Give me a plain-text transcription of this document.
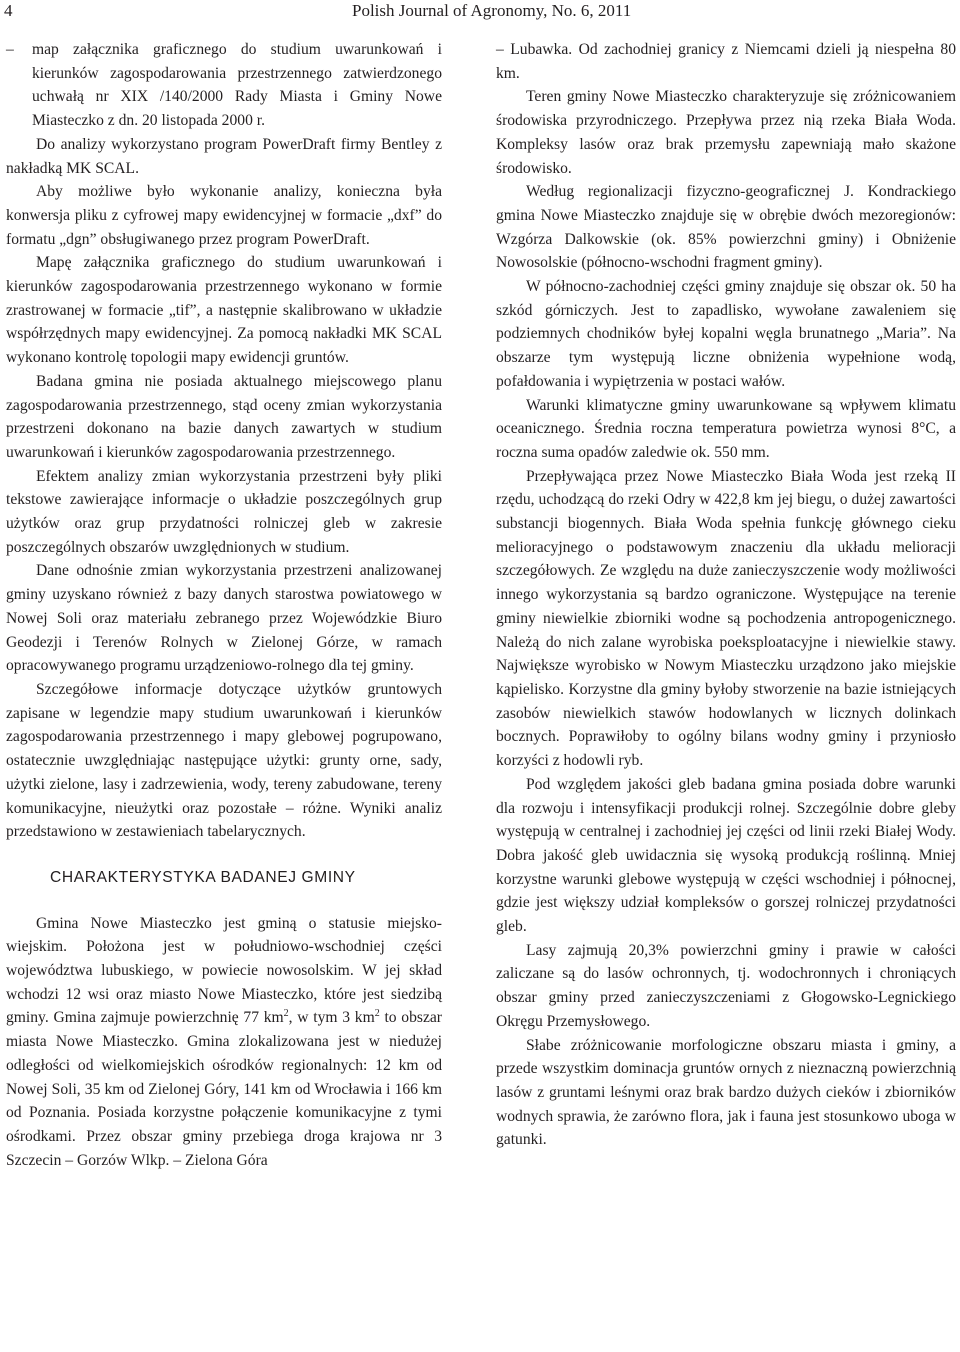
4	Polish Journal of Agronomy, No. 6, 2011

– map załącznika graficznego do studium uwarunkowań i kierunków zagospodarowania przestrzennego zatwierdzonego uchwałą nr XIX /140/2000 Rady Miasta i Gminy Nowe Miasteczko z dn. 20 listopada 2000 r.

Do analizy wykorzystano program PowerDraft firmy Bentley z nakładką MK SCAL.

Aby możliwe było wykonanie analizy, konieczna była konwersja pliku z cyfrowej mapy ewidencyjnej w formacie „dxf” do formatu „dgn” obsługiwanego przez program PowerDraft.

Mapę załącznika graficznego do studium uwarunkowań i kierunków zagospodarowania przestrzennego wykonano w formie zrastrowanej w formacie „tif”, a następnie skalibrowano w układzie współrzędnych mapy ewidencyjnej. Za pomocą nakładki MK SCAL wykonano kontrolę topologii mapy ewidencji gruntów.

Badana gmina nie posiada aktualnego miejscowego planu zagospodarowania przestrzennego, stąd oceny zmian wykorzystania przestrzeni dokonano na bazie danych zawartych w studium uwarunkowań i kierunków zagospodarowania przestrzennego.

Efektem analizy zmian wykorzystania przestrzeni były pliki tekstowe zawierające informacje o układzie poszczególnych grup użytków oraz grup przydatności rolniczej gleb w zakresie poszczególnych obszarów uwzględnionych w studium.

Dane odnośnie zmian wykorzystania przestrzeni analizowanej gminy uzyskano również z bazy danych starostwa powiatowego w Nowej Soli oraz materiału zebranego przez Wojewódzkie Biuro Geodezji i Terenów Rolnych w Zielonej Górze, w ramach opracowywanego programu urządzeniowo-rolnego dla tej gminy.

Szczegółowe informacje dotyczące użytków gruntowych zapisane w legendzie mapy studium uwarunkowań i kierunków zagospodarowania przestrzennego i mapy glebowej pogrupowano, ostatecznie uwzględniając następujące użytki: grunty orne, sady, użytki zielone, lasy i zadrzewienia, wody, tereny zabudowane, tereny komunikacyjne, nieużytki oraz pozostałe – różne. Wyniki analiz przedstawiono w zestawieniach tabelarycznych.

CHARAKTERYSTYKA BADANEJ GMINY

Gmina Nowe Miasteczko jest gminą o statusie miejsko-wiejskim. Położona jest w południowo-wschodniej części województwa lubuskiego, w powiecie nowosolskim. W jej skład wchodzi 12 wsi oraz miasto Nowe Miasteczko, które jest siedzibą gminy. Gmina zajmuje powierzchnię 77 $km^2$, w tym 3 $km^2$ to obszar miasta Nowe Miasteczko. Gmina zlokalizowana jest w niedużej odległości od wielkomiejskich ośrodków regionalnych: 12 km od Nowej Soli, 35 km od Zielonej Góry, 141 km od Wrocławia i 166 km od Poznania. Posiada korzystne połączenie komunikacyjne z tymi ośrodkami. Przez obszar gminy przebiega droga krajowa nr 3 Szczecin – Gorzów Wlkp. – Zielona Góra

– Lubawka. Od zachodniej granicy z Niemcami dzieli ją niespełna 80 km.

Teren gminy Nowe Miasteczko charakteryzuje się zróżnicowaniem środowiska przyrodniczego. Przepływa przez nią rzeka Biała Woda. Kompleksy lasów oraz brak przemysłu zapewniają mało skażone środowisko.

Według regionalizacji fizyczno-geograficznej J. Kondrackiego gmina Nowe Miasteczko znajduje się w obrębie dwóch mezoregionów: Wzgórza Dalkowskie (ok. 85% powierzchni gminy) i Obniżenie Nowosolskie (północno-wschodni fragment gminy).

W północno-zachodniej części gminy znajduje się obszar ok. 50 ha szkód górniczych. Jest to zapadlisko, wywołane zawaleniem się podziemnych chodników byłej kopalni węgla brunatnego „Maria”. Na obszarze tym występują liczne obniżenia wypełnione wodą, pofałdowania i wypiętrzenia w postaci wałów.

Warunki klimatyczne gminy uwarunkowane są wpływem klimatu oceanicznego. Średnia roczna temperatura powietrza wynosi 8°C, a roczna suma opadów zaledwie ok. 550 mm.

Przepływająca przez Nowe Miasteczko Biała Woda jest rzeką II rzędu, uchodzącą do rzeki Odry w 422,8 km jej biegu, o dużej zawartości substancji biogennych. Biała Woda spełnia funkcję głównego cieku melioracyjnego o podstawowym znaczeniu dla układu melioracji szczegółowych. Ze względu na duże zanieczyszczenie wody możliwości innego wykorzystania są bardzo ograniczone. Występujące na terenie gminy niewielkie zbiorniki wodne są pochodzenia antropogenicznego. Należą do nich zalane wyrobiska poeksploatacyjne i niewielkie stawy. Największe wyrobisko w Nowym Miasteczku urządzono jako miejskie kąpielisko. Korzystne dla gminy byłoby stworzenie na bazie istniejących zasobów niewielkich stawów hodowlanych w licznych dolinkach bocznych. Poprawiłoby to ogólny bilans wodny gminy i przyniosło korzyści z hodowli ryb.

Pod względem jakości gleb badana gmina posiada dobre warunki dla rozwoju i intensyfikacji produkcji rolnej. Szczególnie dobre gleby występują w centralnej i zachodniej jej części od linii rzeki Białej Wody. Dobra jakość gleb uwidacznia się wysoką produkcją roślinną. Mniej korzystne warunki glebowe występują w części wschodniej i północnej, gdzie jest większy udział kompleksów o gorszej rolniczej przydatności gleb.

Lasy zajmują 20,3% powierzchni gminy i prawie w całości zaliczane są do lasów ochronnych, tj. wodochronnych i chroniących obszar gminy przed zanieczyszczeniami z Głogowsko-Legnickiego Okręgu Przemysłowego.

Słabe zróżnicowanie morfologiczne obszaru miasta i gminy, a przede wszystkim dominacja gruntów ornych z nieznaczną powierzchnią lasów z gruntami leśnymi oraz brak bardzo dużych cieków i zbiorników wodnych sprawia, że zarówno flora, jak i fauna jest stosunkowo uboga w gatunki.
